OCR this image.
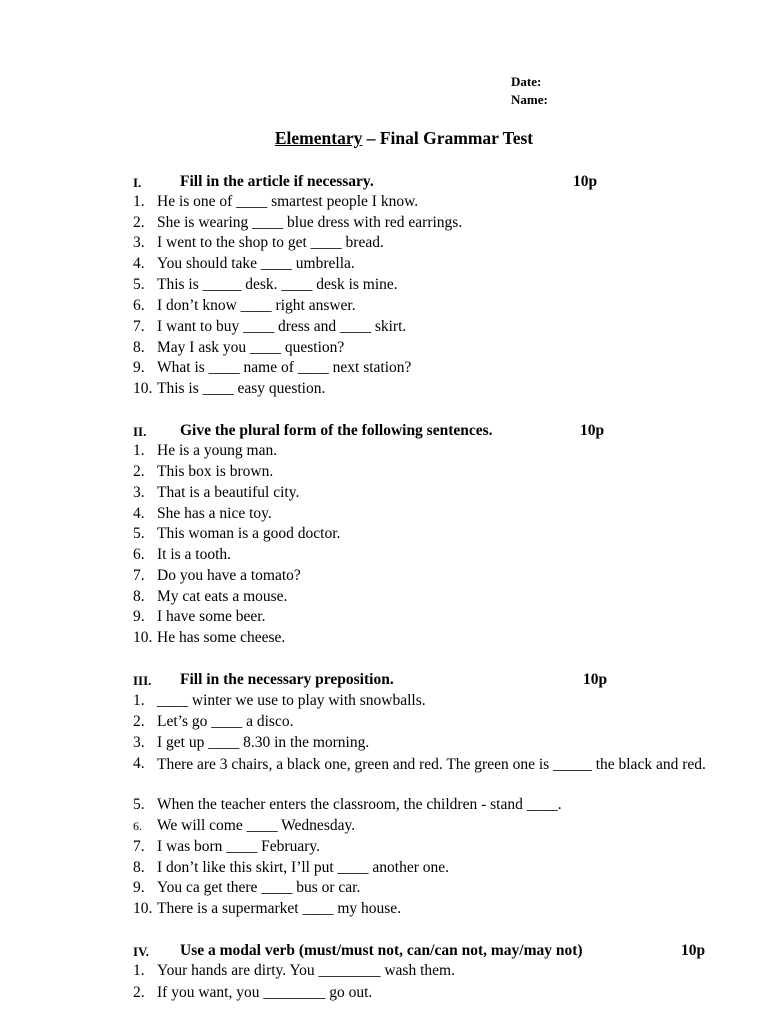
Date:
Name:
Elementary – Final Grammar Test
I. Fill in the article if necessary.	10p
1. He is one of ____ smartest people I know.
2. She is wearing ____ blue dress with red earrings.
3. I went to the shop to get ____ bread.
4. You should take ____ umbrella.
5. This is _____ desk. ____ desk is mine.
6. I don’t know ____ right answer.
7. I want to buy ____ dress and ____ skirt.
8. May I ask you ____ question?
9. What is ____ name of ____ next station?
10. This is ____ easy question.
II. Give the plural form of the following sentences.	10p
1. He is a young man.
2. This box is brown.
3. That is a beautiful city.
4. She has a nice toy.
5. This woman is a good doctor.
6. It is a tooth.
7. Do you have a tomato?
8. My cat eats a mouse.
9. I have some beer.
10. He has some cheese.
III. Fill in the necessary preposition.	10p
1. ____ winter we use to play with snowballs.
2. Let’s go ____ a disco.
3. I get up ____ 8.30 in the morning.
4. There are 3 chairs, a black one, green and red. The green one is _____ the black and red.
5. When the teacher enters the classroom, the children - stand ____.
6. We will come ____ Wednesday.
7. I was born ____ February.
8. I don’t like this skirt, I’ll put ____ another one.
9. You ca get there ____ bus or car.
10. There is a supermarket ____ my house.
IV. Use a modal verb (must/must not, can/can not, may/may not)	10p
1. Your hands are dirty. You ________ wash them.
2. If you want, you ________ go out.
